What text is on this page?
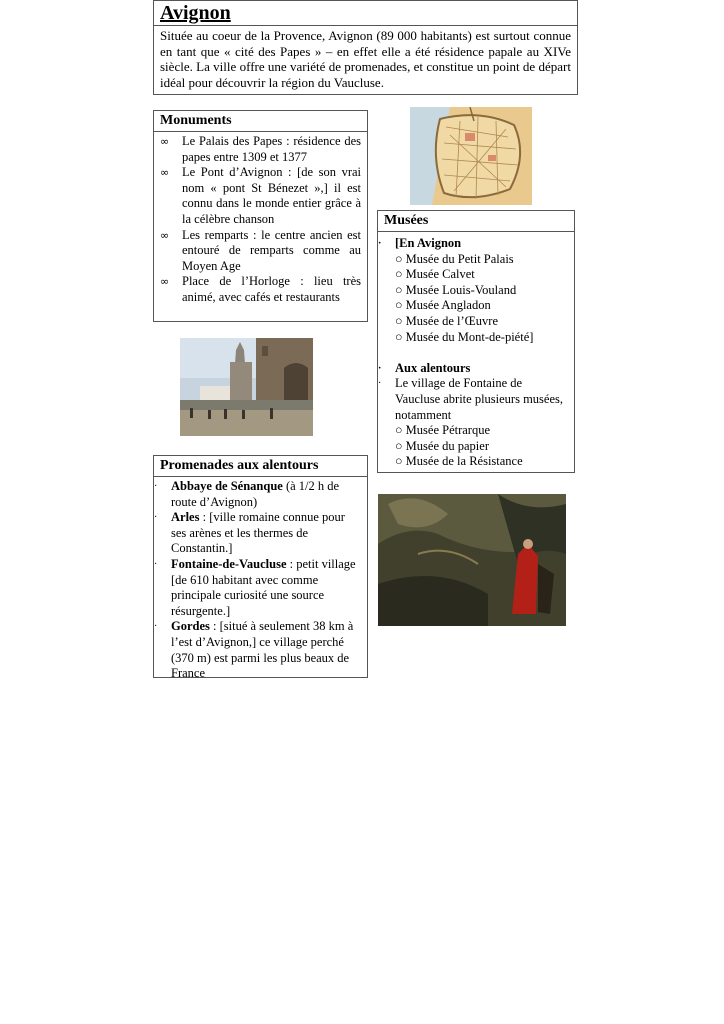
Avignon

Située au coeur de la Provence, Avignon (89 000 habitants) est surtout connue en tant que « cité des Papes » – en effet elle a été résidence papale au XIVe siècle. La ville offre une variété de promenades, et constitue un point de départ idéal pour découvrir la région du Vaucluse.

Monuments
∞ Le Palais des Papes : résidence des papes entre 1309 et 1377
∞ Le Pont d’Avignon : [de son vrai nom « pont St Bénezet »,] il est connu dans le monde entier grâce à la célèbre chanson
∞ Les remparts : le centre ancien est entouré de remparts comme au Moyen Age
∞ Place de l’Horloge : lieu très animé, avec cafés et restaurants
Musées
· [En Avignon
○ Musée du Petit Palais
○ Musée Calvet
○ Musée Louis-Vouland
○ Musée Angladon
○ Musée de l’Œuvre
○ Musée du Mont-de-piété]
· Aux alentours
· Le village de Fontaine de Vaucluse abrite plusieurs musées, notamment
○ Musée Pétrarque
○ Musée du papier
○ Musée de la Résistance
Promenades aux alentours
· Abbaye de Sénanque (à 1/2 h de route d’Avignon)
· Arles : [ville romaine connue pour ses arènes et les thermes de Constantin.]
· Fontaine-de-Vaucluse : petit village [de 610 habitant avec comme principale curiosité une source résurgente.]
· Gordes : [situé à seulement 38 km à l’est d’Avignon,] ce village perché (370 m) est parmi les plus beaux de France
